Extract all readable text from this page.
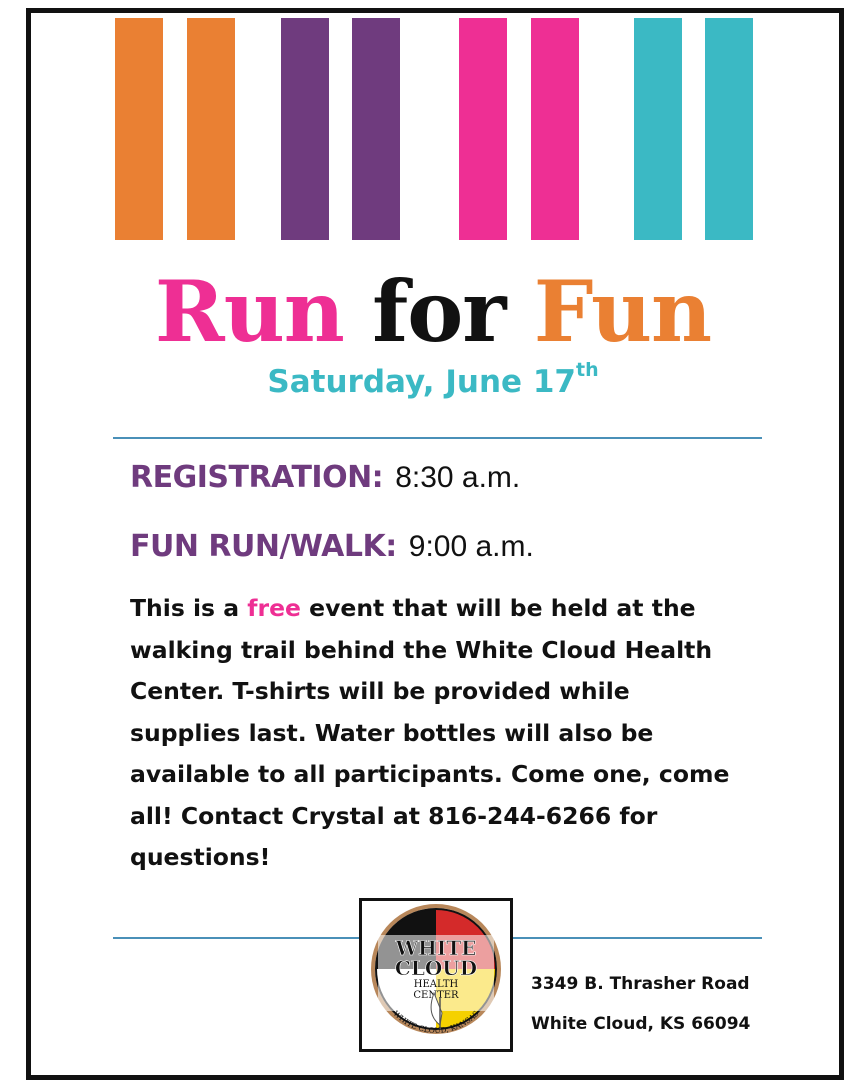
Run for Fun
Saturday, June 17th
REGISTRATION: 8:30 a.m.
FUN RUN/WALK: 9:00 a.m.
This is a free event that will be held at the
walking trail behind the White Cloud Health
Center. T-shirts will be provided while
supplies last. Water bottles will also be
available to all participants. Come one, come
all! Contact Crystal at 816-244-6266 for
questions!
WHITE
CLOUD
HEALTH
CENTER
WHITE CLOUD, KANSAS
3349 B. Thrasher Road
White Cloud, KS 66094
